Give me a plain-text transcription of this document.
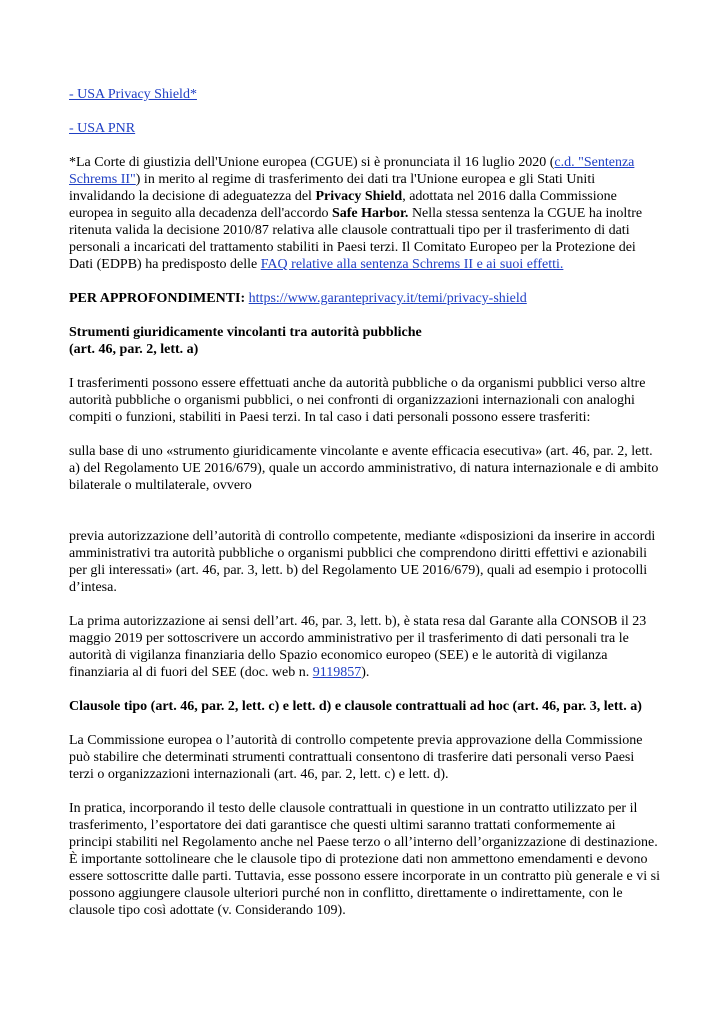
- USA Privacy Shield*

- USA PNR

*La Corte di giustizia dell'Unione europea (CGUE) si è pronunciata il 16 luglio 2020 (c.d. "Sentenza Schrems II") in merito al regime di trasferimento dei dati tra l'Unione europea e gli Stati Uniti invalidando la decisione di adeguatezza del Privacy Shield, adottata nel 2016 dalla Commissione europea in seguito alla decadenza dell'accordo Safe Harbor. Nella stessa sentenza la CGUE ha inoltre ritenuta valida la decisione 2010/87 relativa alle clausole contrattuali tipo per il trasferimento di dati personali a incaricati del trattamento stabiliti in Paesi terzi. Il Comitato Europeo per la Protezione dei Dati (EDPB) ha predisposto delle FAQ relative alla sentenza Schrems II e ai suoi effetti.

PER APPROFONDIMENTI: https://www.garanteprivacy.it/temi/privacy-shield

Strumenti giuridicamente vincolanti tra autorità pubbliche
(art. 46, par. 2, lett. a)

I trasferimenti possono essere effettuati anche da autorità pubbliche o da organismi pubblici verso altre autorità pubbliche o organismi pubblici, o nei confronti di organizzazioni internazionali con analoghi compiti o funzioni, stabiliti in Paesi terzi. In tal caso i dati personali possono essere trasferiti:

sulla base di uno «strumento giuridicamente vincolante e avente efficacia esecutiva» (art. 46, par. 2, lett. a) del Regolamento UE 2016/679), quale un accordo amministrativo, di natura internazionale e di ambito bilaterale o multilaterale, ovvero

previa autorizzazione dell’autorità di controllo competente, mediante «disposizioni da inserire in accordi amministrativi tra autorità pubbliche o organismi pubblici che comprendono diritti effettivi e azionabili per gli interessati» (art. 46, par. 3, lett. b) del Regolamento UE 2016/679), quali ad esempio i protocolli d’intesa.

La prima autorizzazione ai sensi dell’art. 46, par. 3, lett. b), è stata resa dal Garante alla CONSOB il 23 maggio 2019 per sottoscrivere un accordo amministrativo per il trasferimento di dati personali tra le autorità di vigilanza finanziaria dello Spazio economico europeo (SEE) e le autorità di vigilanza finanziaria al di fuori del SEE (doc. web n. 9119857).

Clausole tipo (art. 46, par. 2, lett. c) e lett. d) e clausole contrattuali ad hoc (art. 46, par. 3, lett. a)

La Commissione europea o l’autorità di controllo competente previa approvazione della Commissione può stabilire che determinati strumenti contrattuali consentono di trasferire dati personali verso Paesi terzi o organizzazioni internazionali (art. 46, par. 2, lett. c) e lett. d).

In pratica, incorporando il testo delle clausole contrattuali in questione in un contratto utilizzato per il trasferimento, l’esportatore dei dati garantisce che questi ultimi saranno trattati conformemente ai principi stabiliti nel Regolamento anche nel Paese terzo o all’interno dell’organizzazione di destinazione. È importante sottolineare che le clausole tipo di protezione dati non ammettono emendamenti e devono essere sottoscritte dalle parti. Tuttavia, esse possono essere incorporate in un contratto più generale e vi si possono aggiungere clausole ulteriori purché non in conflitto, direttamente o indirettamente, con le clausole tipo così adottate (v. Considerando 109).
